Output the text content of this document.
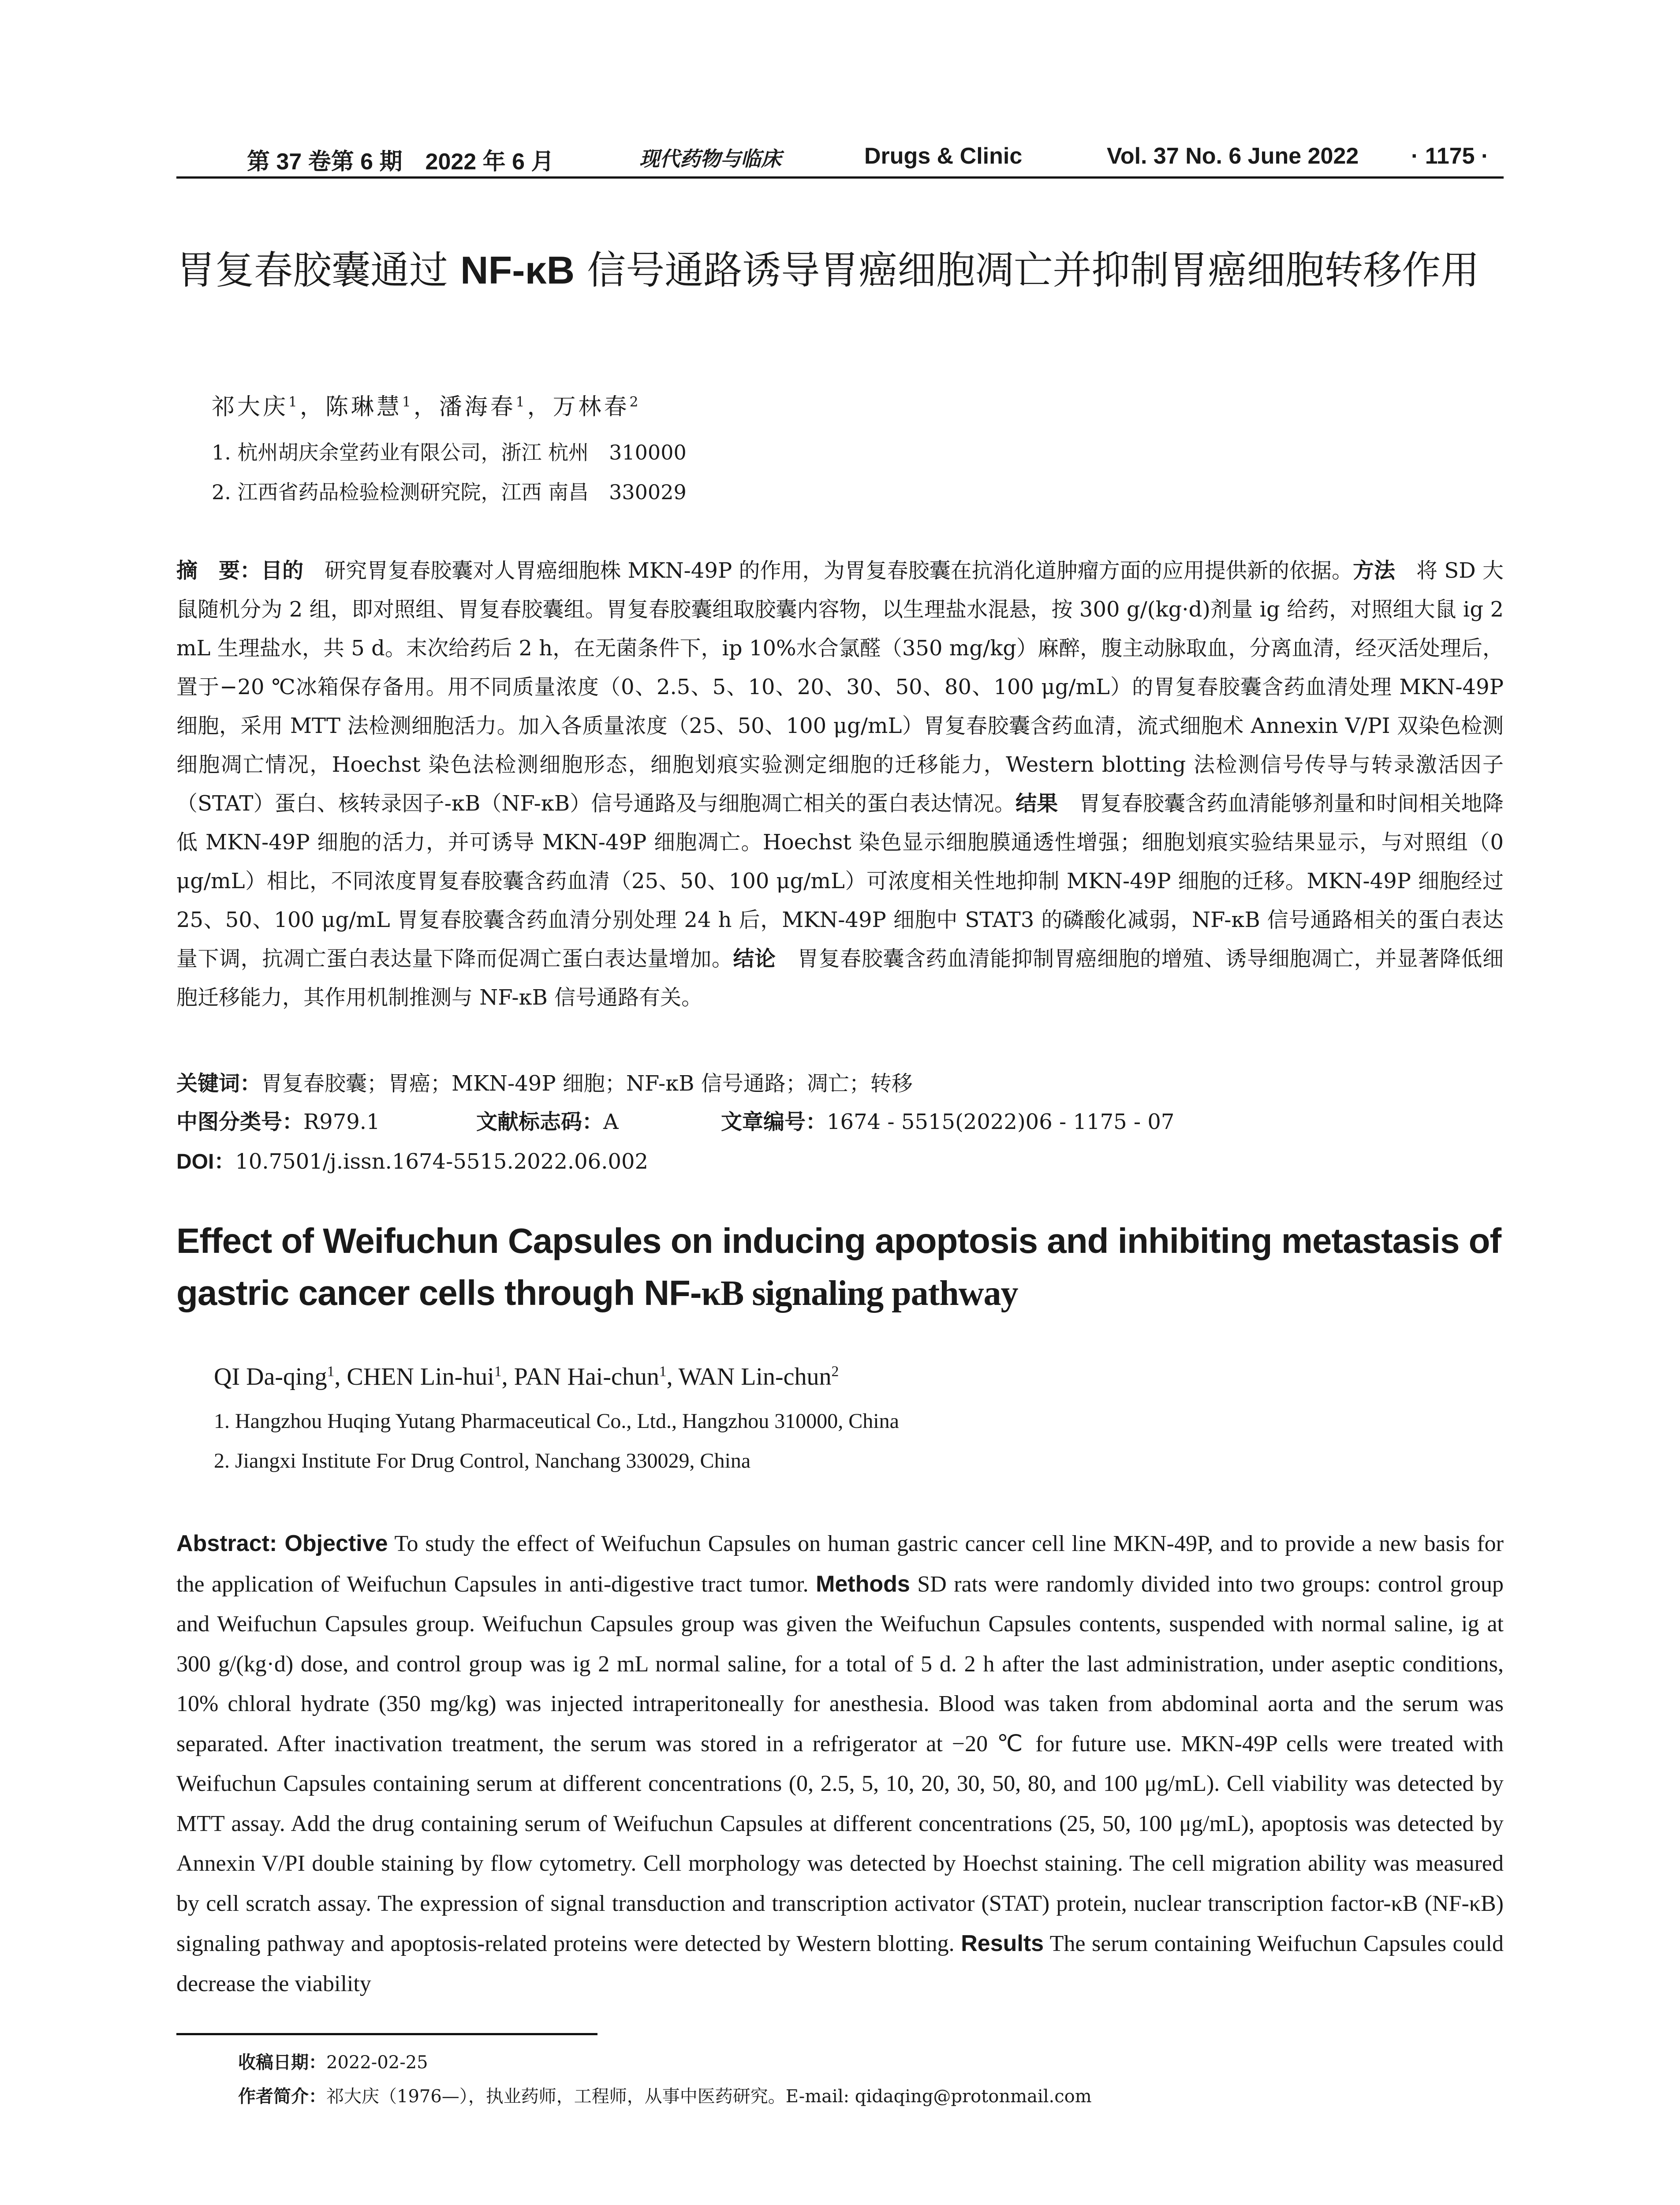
第 37 卷第 6 期　2022 年 6 月	现代药物与临床	Drugs & Clinic	Vol. 37 No. 6 June 2022 · 1175 ·
胃复春胶囊通过 NF-κB 信号通路诱导胃癌细胞凋亡并抑制胃癌细胞转移作用
祁大庆$^1$，陈琳慧$^1$，潘海春$^1$，万林春$^2$
1. 杭州胡庆余堂药业有限公司，浙江 杭州　310000
2. 江西省药品检验检测研究院，江西 南昌　330029

摘　要：目的　研究胃复春胶囊对人胃癌细胞株 MKN-49P 的作用，为胃复春胶囊在抗消化道肿瘤方面的应用提供新的依据。方法　将 SD 大鼠随机分为 2 组，即对照组、胃复春胶囊组。胃复春胶囊组取胶囊内容物，以生理盐水混悬，按 300 g/(kg·d)剂量 ig 给药，对照组大鼠 ig 2 mL 生理盐水，共 5 d。末次给药后 2 h，在无菌条件下，ip 10%水合氯醛（350 mg/kg）麻醉，腹主动脉取血，分离血清，经灭活处理后，置于−20 ℃冰箱保存备用。用不同质量浓度（0、2.5、5、10、20、30、50、80、100 μg/mL）的胃复春胶囊含药血清处理 MKN-49P 细胞，采用 MTT 法检测细胞活力。加入各质量浓度（25、50、100 μg/mL）胃复春胶囊含药血清，流式细胞术 Annexin V/PI 双染色检测细胞凋亡情况，Hoechst 染色法检测细胞形态，细胞划痕实验测定细胞的迁移能力，Western blotting 法检测信号传导与转录激活因子（STAT）蛋白、核转录因子-κB（NF-κB）信号通路及与细胞凋亡相关的蛋白表达情况。结果　胃复春胶囊含药血清能够剂量和时间相关地降低 MKN-49P 细胞的活力，并可诱导 MKN-49P 细胞凋亡。Hoechst 染色显示细胞膜通透性增强；细胞划痕实验结果显示，与对照组（0 μg/mL）相比，不同浓度胃复春胶囊含药血清（25、50、100 μg/mL）可浓度相关性地抑制 MKN-49P 细胞的迁移。MKN-49P 细胞经过 25、50、100 μg/mL 胃复春胶囊含药血清分别处理 24 h 后，MKN-49P 细胞中 STAT3 的磷酸化减弱，NF-κB 信号通路相关的蛋白表达量下调，抗凋亡蛋白表达量下降而促凋亡蛋白表达量增加。结论　胃复春胶囊含药血清能抑制胃癌细胞的增殖、诱导细胞凋亡，并显著降低细胞迁移能力，其作用机制推测与 NF-κB 信号通路有关。

关键词：胃复春胶囊；胃癌；MKN-49P 细胞；NF-κB 信号通路；凋亡；转移
中图分类号：R979.1	文献标志码：A	文章编号：1674 - 5515(2022)06 - 1175 - 07
DOI：10.7501/j.issn.1674-5515.2022.06.002
Effect of Weifuchun Capsules on inducing apoptosis and inhibiting metastasis of gastric cancer cells through NF-κB signaling pathway
QI Da-qing$^1$, CHEN Lin-hui$^1$, PAN Hai-chun$^1$, WAN Lin-chun$^2$
1. Hangzhou Huqing Yutang Pharmaceutical Co., Ltd., Hangzhou 310000, China
2. Jiangxi Institute For Drug Control, Nanchang 330029, China

Abstract: Objective To study the effect of Weifuchun Capsules on human gastric cancer cell line MKN-49P, and to provide a new basis for the application of Weifuchun Capsules in anti-digestive tract tumor. Methods SD rats were randomly divided into two groups: control group and Weifuchun Capsules group. Weifuchun Capsules group was given the Weifuchun Capsules contents, suspended with normal saline, ig at 300 g/(kg·d) dose, and control group was ig 2 mL normal saline, for a total of 5 d. 2 h after the last administration, under aseptic conditions, 10% chloral hydrate (350 mg/kg) was injected intraperitoneally for anesthesia. Blood was taken from abdominal aorta and the serum was separated. After inactivation treatment, the serum was stored in a refrigerator at −20 ℃ for future use. MKN-49P cells were treated with Weifuchun Capsules containing serum at different concentrations (0, 2.5, 5, 10, 20, 30, 50, 80, and 100 μg/mL). Cell viability was detected by MTT assay. Add the drug containing serum of Weifuchun Capsules at different concentrations (25, 50, 100 μg/mL), apoptosis was detected by Annexin V/PI double staining by flow cytometry. Cell morphology was detected by Hoechst staining. The cell migration ability was measured by cell scratch assay. The expression of signal transduction and transcription activator (STAT) protein, nuclear transcription factor-κB (NF-κB) signaling pathway and apoptosis-related proteins were detected by Western blotting. Results The serum containing Weifuchun Capsules could decrease the viability

收稿日期：2022-02-25
作者简介：祁大庆（1976—），执业药师，工程师，从事中医药研究。E-mail: qidaqing@protonmail.com
